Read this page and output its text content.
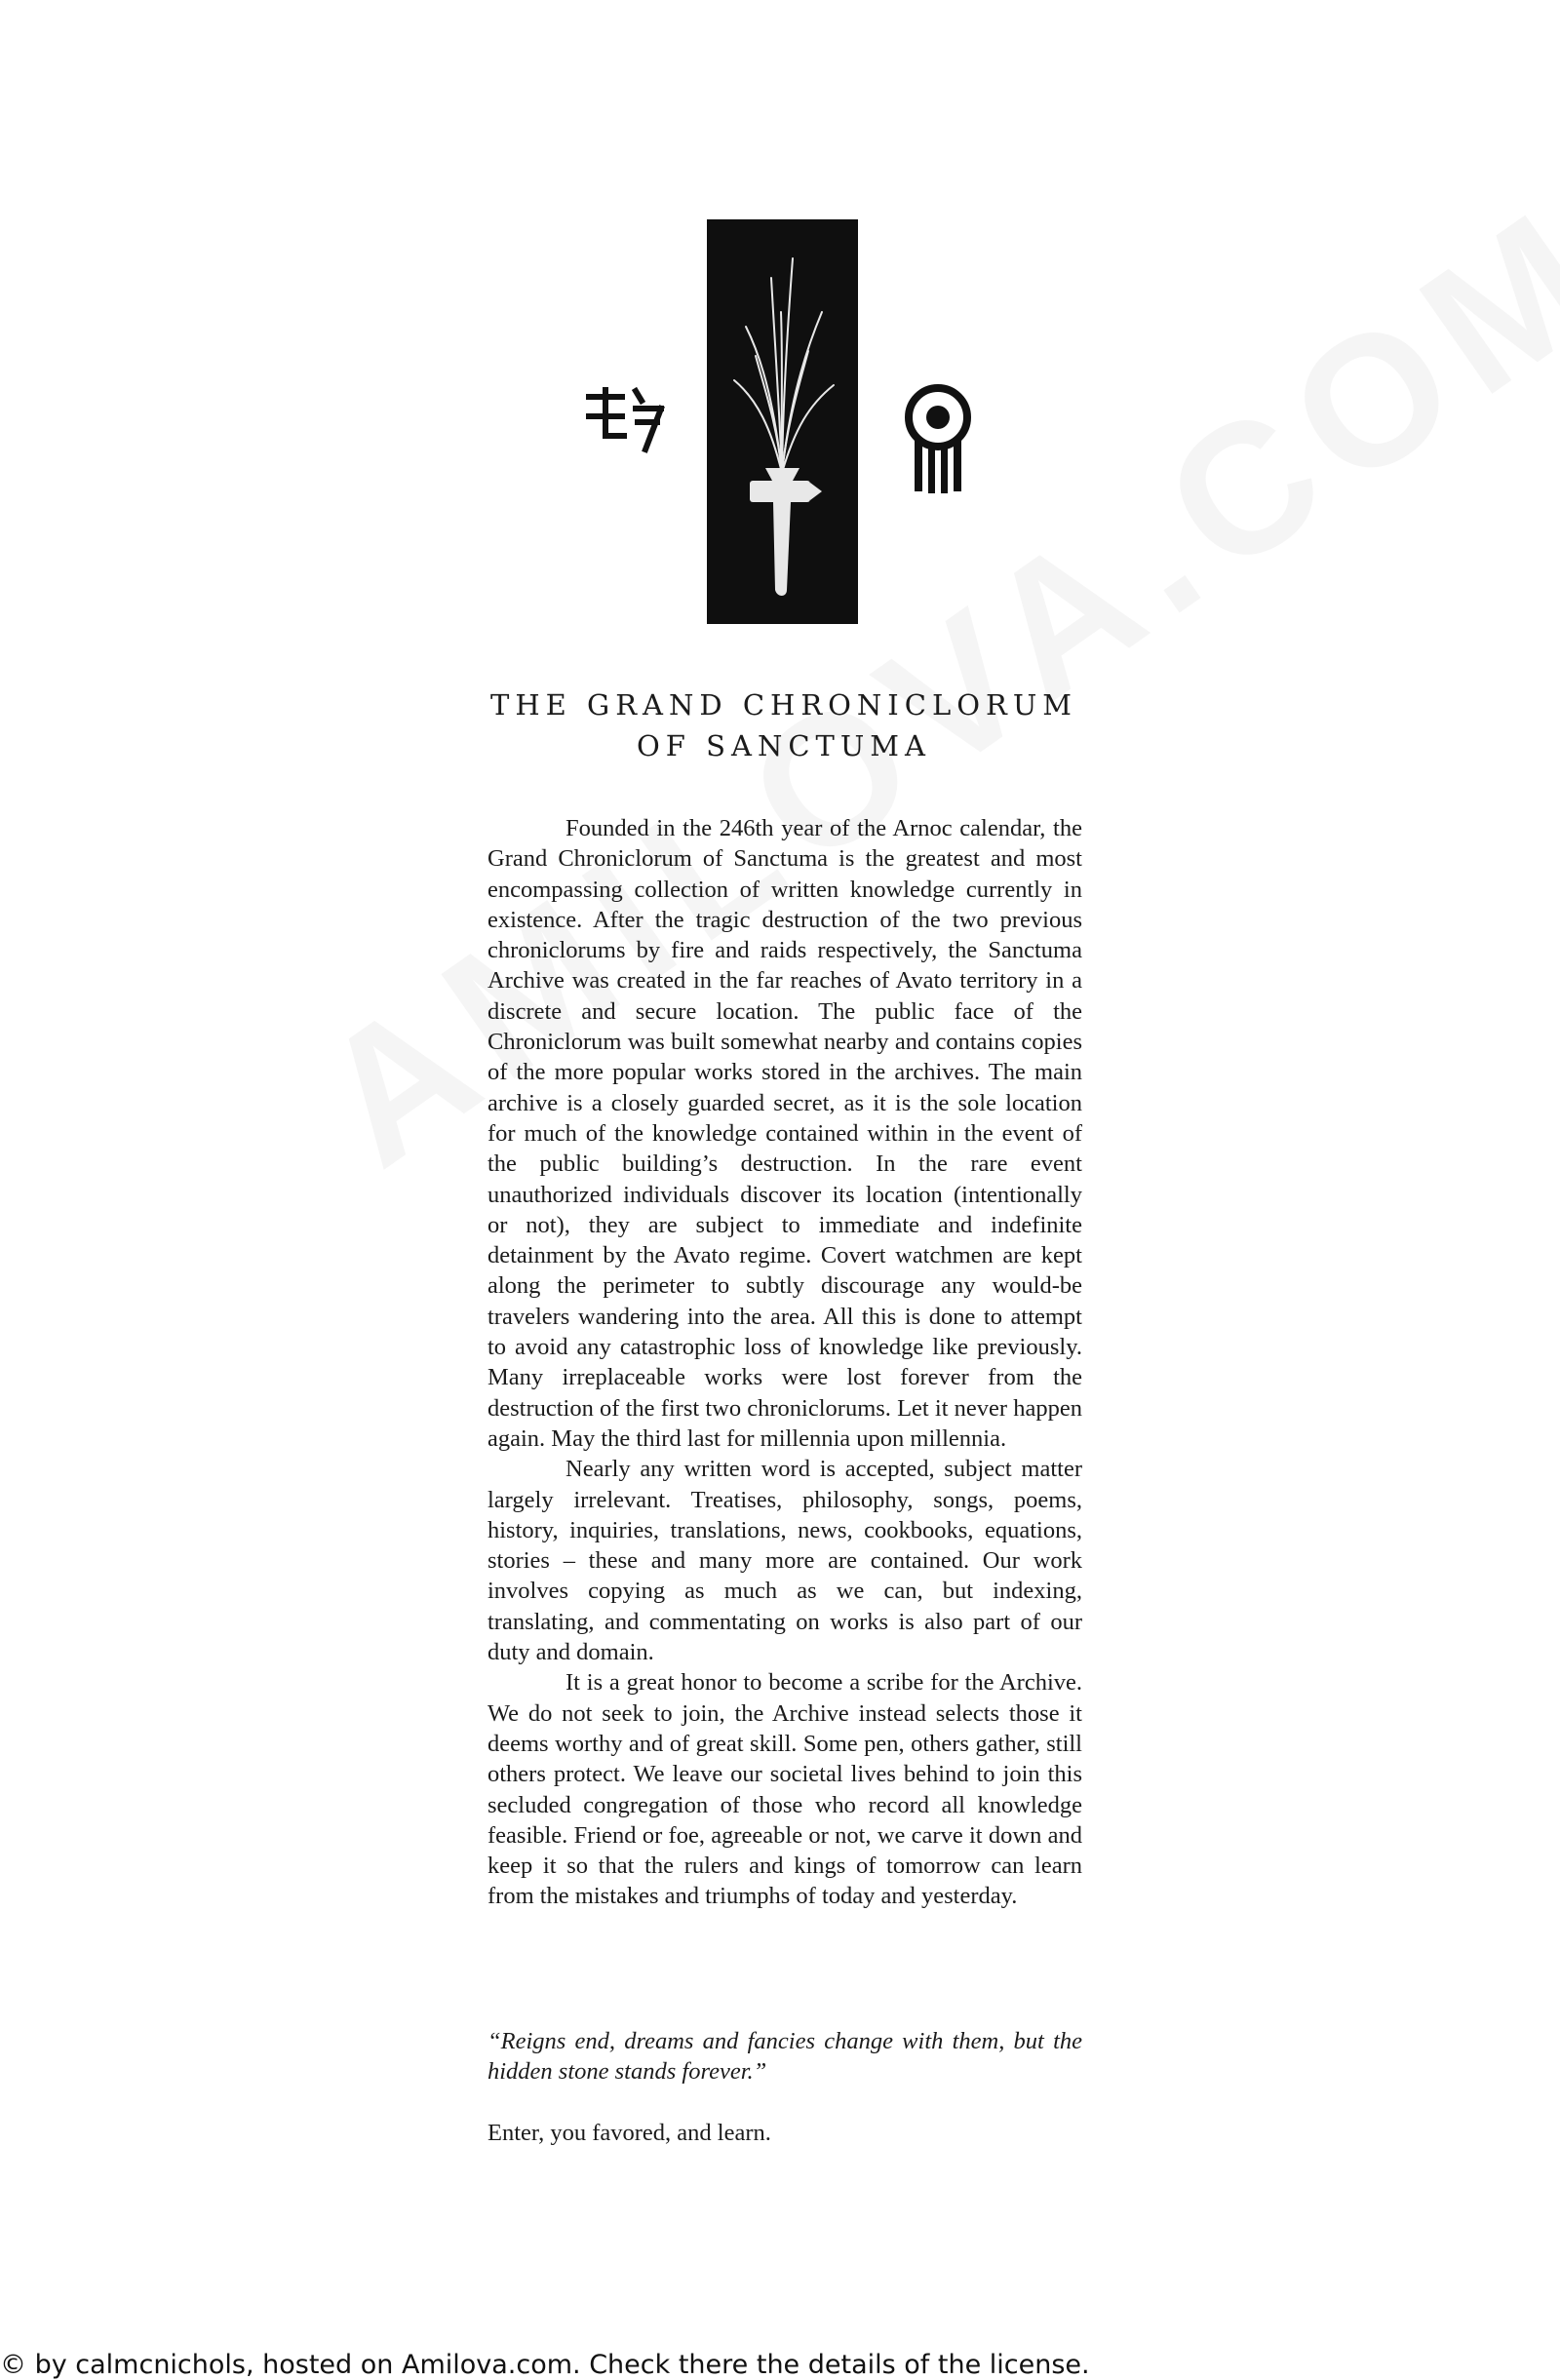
THE GRAND CHRONICLORUM
OF SANCTUMA

Founded in the 246th year of the Arnoc calendar, the Grand Chroniclorum of Sanctuma is the greatest and most encompassing collection of written knowledge currently in existence. After the tragic destruction of the two previous chroniclorums by fire and raids respectively, the Sanctuma Archive was created in the far reaches of Avato territory in a discrete and secure location. The public face of the Chroniclorum was built somewhat nearby and contains copies of the more popular works stored in the archives. The main archive is a closely guarded secret, as it is the sole location for much of the knowledge contained within in the event of the public building’s destruction. In the rare event unauthorized individuals discover its location (intentionally or not), they are subject to immediate and indefinite detainment by the Avato regime. Covert watchmen are kept along the perimeter to subtly discourage any would-be travelers wandering into the area. All this is done to attempt to avoid any catastrophic loss of knowledge like previously. Many irreplaceable works were lost forever from the destruction of the first two chroniclorums. Let it never happen again. May the third last for millennia upon millennia.

Nearly any written word is accepted, subject matter largely irrelevant. Treatises, philosophy, songs, poems, history, inquiries, translations, news, cookbooks, equations, stories – these and many more are contained. Our work involves copying as much as we can, but indexing, translating, and commentating on works is also part of our duty and domain.

It is a great honor to become a scribe for the Archive. We do not seek to join, the Archive instead selects those it deems worthy and of great skill. Some pen, others gather, still others protect. We leave our societal lives behind to join this secluded congregation of those who record all knowledge feasible. Friend or foe, agreeable or not, we carve it down and keep it so that the rulers and kings of tomorrow can learn from the mistakes and triumphs of today and yesterday.

“Reigns end, dreams and fancies change with them, but the hidden stone stands forever.”

Enter, you favored, and learn.

© by calmcnichols, hosted on Amilova.com. Check there the details of the license.
